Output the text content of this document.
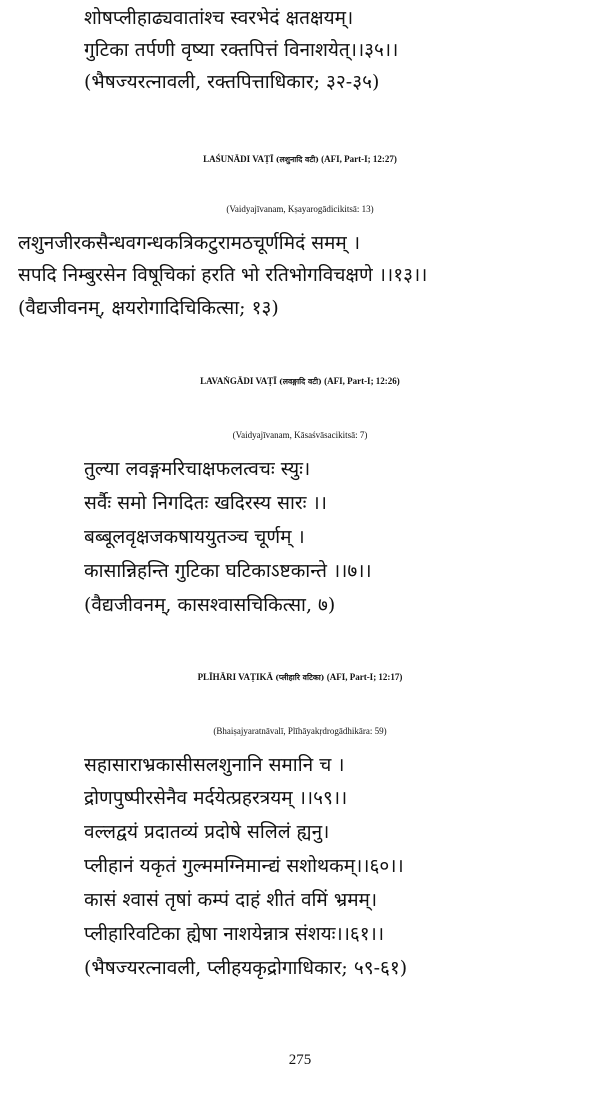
शोषप्लीहाढ्यवातांश्च स्वरभेदं क्षतक्षयम्।
गुटिका तर्पणी वृष्या रक्तपित्तं विनाशयेत्।।३५।।
(भैषज्यरत्नावली, रक्तपित्ताधिकार; ३२-३५)
LAŚUNĀDI VAṬĪ (लशुनादि वटी) (AFI, Part-I; 12:27)
(Vaidyajīvanam, Kṣayarogādicikitsā: 13)
लशुनजीरकसैन्धवगन्धकत्रिकटुरामठचूर्णमिदं समम् ।
सपदि निम्बुरसेन विषूचिकां हरति भो रतिभोगविचक्षणे ।।१३।।
(वैद्यजीवनम्, क्षयरोगादिचिकित्सा; १३)
LAVAṄGĀDI VAṬĪ (लवङ्गादि वटी) (AFI, Part-I; 12:26)
(Vaidyajīvanam, Kāsaśvāsacikitsā: 7)
तुल्या लवङ्गमरिचाक्षफलत्वचः स्युः।
सर्वैः समो निगदितः खदिरस्य सारः ।।
बब्बूलवृक्षजकषाययुतञ्च चूर्णम् ।
कासान्निहन्ति गुटिका घटिकाऽष्टकान्ते ।।७।।
(वैद्यजीवनम्, कासश्वासचिकित्सा, ७)
PLĪHĀRI VAṬIKĀ (प्लीहारि वटिका) (AFI, Part-I; 12:17)
(Bhaiṣajyaratnāvalī, Plīhāyakṛdrogādhikāra: 59)
सहासाराभ्रकासीसलशुनानि समानि च ।
द्रोणपुष्पीरसेनैव मर्दयेत्प्रहरत्रयम् ।।५९।।
वल्लद्वयं प्रदातव्यं प्रदोषे सलिलं ह्यनु।
प्लीहानं यकृतं गुल्ममग्निमान्द्यं सशोथकम्।।६०।।
कासं श्वासं तृषां कम्पं दाहं शीतं वमिं भ्रमम्।
प्लीहारिवटिका ह्येषा नाशयेन्नात्र संशयः।।६१।।
(भैषज्यरत्नावली, प्लीहयकृद्रोगाधिकार; ५९-६१)
275
